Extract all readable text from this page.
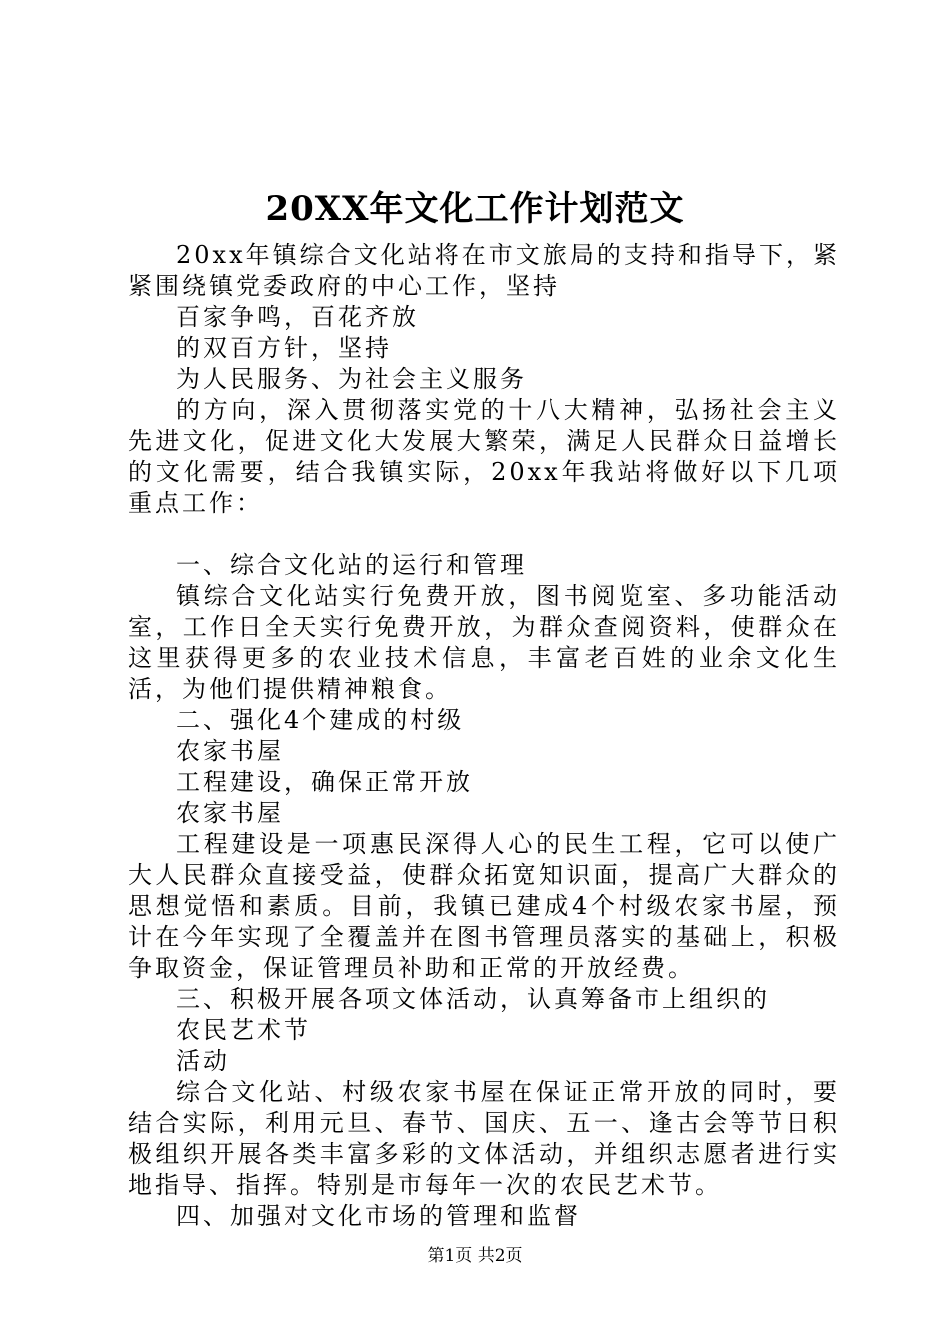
20XX年文化工作计划范文

20xx年镇综合文化站将在市文旅局的支持和指导下，紧紧围绕镇党委政府的中心工作，坚持

百家争鸣，百花齐放

的双百方针，坚持

为人民服务、为社会主义服务

的方向，深入贯彻落实党的十八大精神，弘扬社会主义先进文化，促进文化大发展大繁荣，满足人民群众日益增长的文化需要，结合我镇实际，20xx年我站将做好以下几项重点工作：

一、综合文化站的运行和管理

镇综合文化站实行免费开放，图书阅览室、多功能活动室，工作日全天实行免费开放，为群众查阅资料，使群众在这里获得更多的农业技术信息，丰富老百姓的业余文化生活，为他们提供精神粮食。

二、强化4个建成的村级

农家书屋

工程建设，确保正常开放

农家书屋

工程建设是一项惠民深得人心的民生工程，它可以使广大人民群众直接受益，使群众拓宽知识面，提高广大群众的思想觉悟和素质。目前，我镇已建成4个村级农家书屋，预计在今年实现了全覆盖并在图书管理员落实的基础上，积极争取资金，保证管理员补助和正常的开放经费。

三、积极开展各项文体活动，认真筹备市上组织的

农民艺术节

活动

综合文化站、村级农家书屋在保证正常开放的同时，要结合实际，利用元旦、春节、国庆、五一、逢古会等节日积极组织开展各类丰富多彩的文体活动，并组织志愿者进行实地指导、指挥。特别是市每年一次的农民艺术节。

四、加强对文化市场的管理和监督

第1页 共2页
